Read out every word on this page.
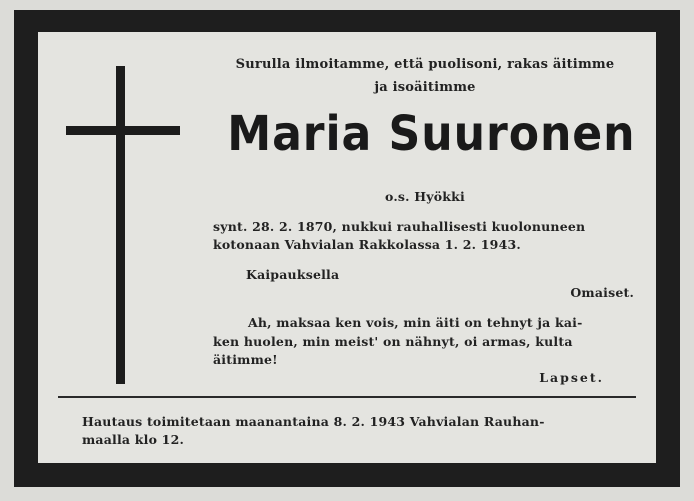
Surulla ilmoitamme, että puolisoni, rakas äitimme
ja isoäitimme
Maria Suuronen
o.s. Hyökki
synt. 28. 2. 1870, nukkui rauhallisesti kuolonuneen
kotonaan Vahvialan Rakkolassa 1. 2. 1943.
Kaipauksella
Omaiset.
Ah, maksaa ken vois, min äiti on tehnyt ja kai-
ken huolen, min meist' on nähnyt, oi armas, kulta
äitimme!
Lapset.
Hautaus toimitetaan maanantaina 8. 2. 1943 Vahvialan Rauhan-
maalla klo 12.
